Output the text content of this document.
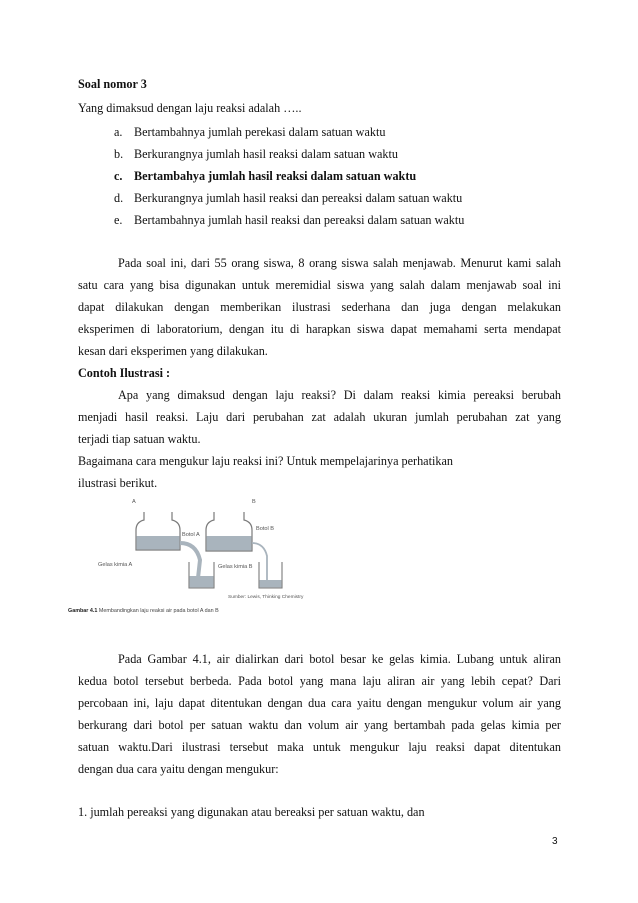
Soal nomor 3
Yang dimaksud dengan laju reaksi adalah …..
a. Bertambahnya jumlah perekasi dalam satuan waktu
b. Berkurangnya jumlah hasil reaksi dalam satuan waktu
c. Bertambahya jumlah hasil reaksi dalam satuan waktu
d. Berkurangnya jumlah hasil reaksi dan pereaksi dalam satuan waktu
e. Bertambahnya jumlah hasil reaksi dan pereaksi dalam satuan waktu
Pada soal ini, dari 55 orang siswa, 8 orang siswa salah menjawab. Menurut kami salah
satu cara yang bisa digunakan untuk meremidial siswa yang salah dalam menjawab soal ini
dapat dilakukan dengan memberikan ilustrasi sederhana dan juga dengan melakukan
eksperimen di laboratorium, dengan itu di harapkan siswa dapat memahami serta mendapat
kesan dari eksperimen yang dilakukan.
Contoh Ilustrasi :
Apa yang dimaksud dengan laju reaksi? Di dalam reaksi kimia pereaksi berubah
menjadi hasil reaksi. Laju dari perubahan zat adalah ukuran jumlah perubahan zat yang
terjadi tiap satuan waktu.
Bagaimana cara mengukur laju reaksi ini? Untuk mempelajarinya perhatikan
ilustrasi berikut.
A	B
Botol A
Botol B
Gelas kimia A	Gelas kimia B
Sumber: Lewis, Thinking Chemistry
Gambar 4.1 Membandingkan laju reaksi air pada botol A dan B
Pada Gambar 4.1, air dialirkan dari botol besar ke gelas kimia. Lubang untuk aliran
kedua botol tersebut berbeda. Pada botol yang mana laju aliran air yang lebih cepat? Dari
percobaan ini, laju dapat ditentukan dengan dua cara yaitu dengan mengukur volum air yang
berkurang dari botol per satuan waktu dan volum air yang bertambah pada gelas kimia per
satuan waktu.Dari ilustrasi tersebut maka untuk mengukur laju reaksi dapat ditentukan
dengan dua cara yaitu dengan mengukur:
1. jumlah pereaksi yang digunakan atau bereaksi per satuan waktu, dan
3
